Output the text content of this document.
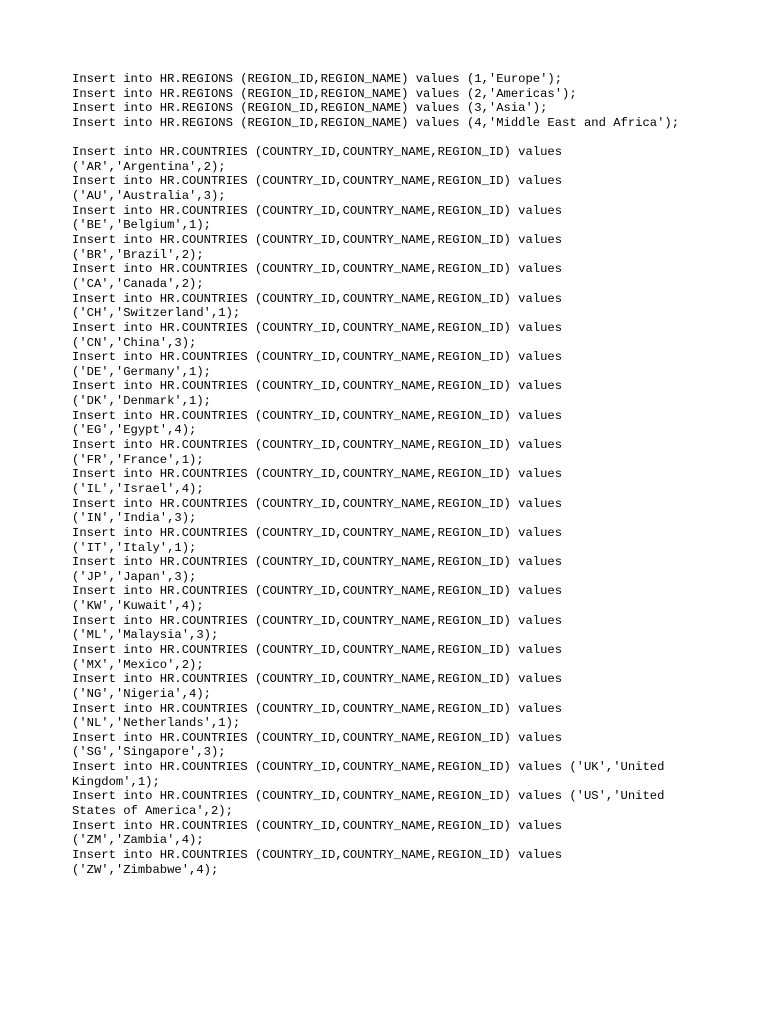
Insert into HR.REGIONS (REGION_ID,REGION_NAME) values (1,'Europe');
Insert into HR.REGIONS (REGION_ID,REGION_NAME) values (2,'Americas');
Insert into HR.REGIONS (REGION_ID,REGION_NAME) values (3,'Asia');
Insert into HR.REGIONS (REGION_ID,REGION_NAME) values (4,'Middle East and Africa');
Insert into HR.COUNTRIES (COUNTRY_ID,COUNTRY_NAME,REGION_ID) values
('AR','Argentina',2);
Insert into HR.COUNTRIES (COUNTRY_ID,COUNTRY_NAME,REGION_ID) values
('AU','Australia',3);
Insert into HR.COUNTRIES (COUNTRY_ID,COUNTRY_NAME,REGION_ID) values
('BE','Belgium',1);
Insert into HR.COUNTRIES (COUNTRY_ID,COUNTRY_NAME,REGION_ID) values
('BR','Brazil',2);
Insert into HR.COUNTRIES (COUNTRY_ID,COUNTRY_NAME,REGION_ID) values
('CA','Canada',2);
Insert into HR.COUNTRIES (COUNTRY_ID,COUNTRY_NAME,REGION_ID) values
('CH','Switzerland',1);
Insert into HR.COUNTRIES (COUNTRY_ID,COUNTRY_NAME,REGION_ID) values
('CN','China',3);
Insert into HR.COUNTRIES (COUNTRY_ID,COUNTRY_NAME,REGION_ID) values
('DE','Germany',1);
Insert into HR.COUNTRIES (COUNTRY_ID,COUNTRY_NAME,REGION_ID) values
('DK','Denmark',1);
Insert into HR.COUNTRIES (COUNTRY_ID,COUNTRY_NAME,REGION_ID) values
('EG','Egypt',4);
Insert into HR.COUNTRIES (COUNTRY_ID,COUNTRY_NAME,REGION_ID) values
('FR','France',1);
Insert into HR.COUNTRIES (COUNTRY_ID,COUNTRY_NAME,REGION_ID) values
('IL','Israel',4);
Insert into HR.COUNTRIES (COUNTRY_ID,COUNTRY_NAME,REGION_ID) values
('IN','India',3);
Insert into HR.COUNTRIES (COUNTRY_ID,COUNTRY_NAME,REGION_ID) values
('IT','Italy',1);
Insert into HR.COUNTRIES (COUNTRY_ID,COUNTRY_NAME,REGION_ID) values
('JP','Japan',3);
Insert into HR.COUNTRIES (COUNTRY_ID,COUNTRY_NAME,REGION_ID) values
('KW','Kuwait',4);
Insert into HR.COUNTRIES (COUNTRY_ID,COUNTRY_NAME,REGION_ID) values
('ML','Malaysia',3);
Insert into HR.COUNTRIES (COUNTRY_ID,COUNTRY_NAME,REGION_ID) values
('MX','Mexico',2);
Insert into HR.COUNTRIES (COUNTRY_ID,COUNTRY_NAME,REGION_ID) values
('NG','Nigeria',4);
Insert into HR.COUNTRIES (COUNTRY_ID,COUNTRY_NAME,REGION_ID) values
('NL','Netherlands',1);
Insert into HR.COUNTRIES (COUNTRY_ID,COUNTRY_NAME,REGION_ID) values
('SG','Singapore',3);
Insert into HR.COUNTRIES (COUNTRY_ID,COUNTRY_NAME,REGION_ID) values ('UK','United
Kingdom',1);
Insert into HR.COUNTRIES (COUNTRY_ID,COUNTRY_NAME,REGION_ID) values ('US','United
States of America',2);
Insert into HR.COUNTRIES (COUNTRY_ID,COUNTRY_NAME,REGION_ID) values
('ZM','Zambia',4);
Insert into HR.COUNTRIES (COUNTRY_ID,COUNTRY_NAME,REGION_ID) values
('ZW','Zimbabwe',4);
